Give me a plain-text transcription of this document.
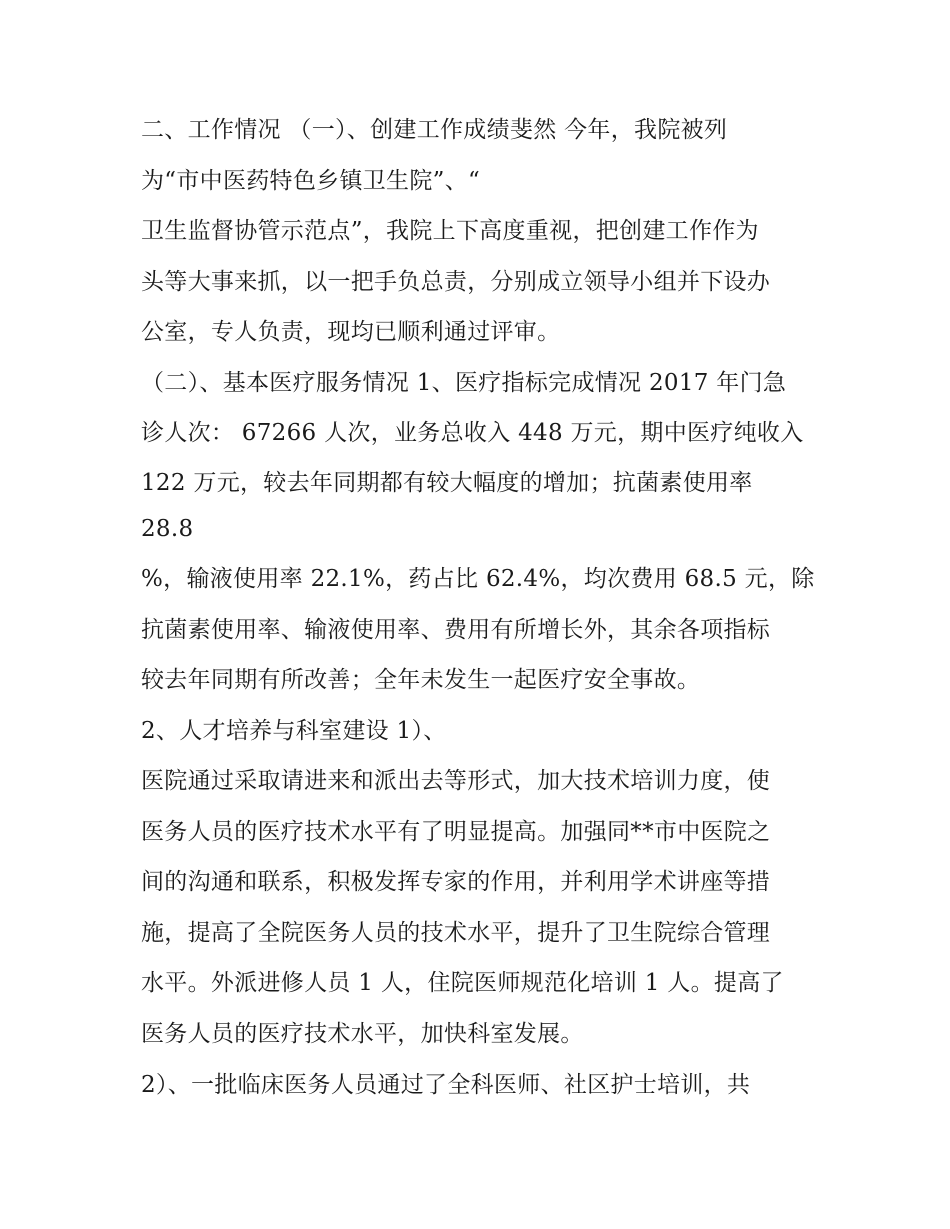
二、工作情况 （一）、创建工作成绩斐然 今年，我院被列
为“市中医药特色乡镇卫生院”、“
卫生监督协管示范点”，我院上下高度重视，把创建工作作为
头等大事来抓，以一把手负总责，分别成立领导小组并下设办
公室，专人负责，现均已顺利通过评审。
（二）、基本医疗服务情况 1、医疗指标完成情况 2017 年门急
诊人次： 67266 人次，业务总收入 448 万元，期中医疗纯收入
122 万元，较去年同期都有较大幅度的增加；抗菌素使用率
28.8
%，输液使用率 22.1%，药占比 62.4%，均次费用 68.5 元，除
抗菌素使用率、输液使用率、费用有所增长外，其余各项指标
较去年同期有所改善；全年未发生一起医疗安全事故。
2、人才培养与科室建设 1）、
医院通过采取请进来和派出去等形式，加大技术培训力度，使
医务人员的医疗技术水平有了明显提高。加强同**市中医院之
间的沟通和联系，积极发挥专家的作用，并利用学术讲座等措
施，提高了全院医务人员的技术水平，提升了卫生院综合管理
水平。外派进修人员 1 人，住院医师规范化培训 1 人。提高了
医务人员的医疗技术水平，加快科室发展。
2）、一批临床医务人员通过了全科医师、社区护士培训，共
